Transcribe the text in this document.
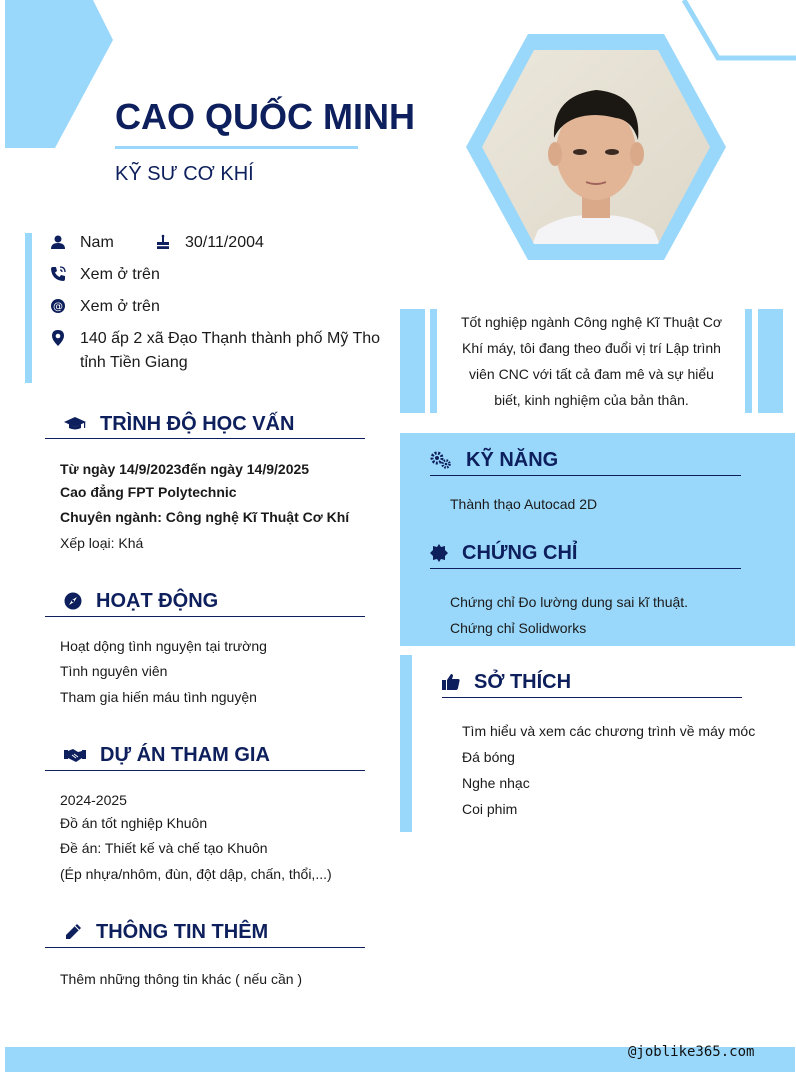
CAO QUỐC MINH
KỸ SƯ CƠ KHÍ
Nam	30/11/2004
Xem ở trên
@ Xem ở trên
140 ấp 2 xã Đạo Thạnh thành phố Mỹ Tho
tỉnh Tiền Giang
Tốt nghiệp ngành Công nghệ Kĩ Thuật Cơ
Khí máy, tôi đang theo đuổi vị trí Lập trình
viên CNC với tất cả đam mê và sự hiểu
biết, kinh nghiệm của bản thân.
TRÌNH ĐỘ HỌC VẤN
Từ ngày 14/9/2023đến ngày 14/9/2025
Cao đẳng FPT Polytechnic
Chuyên ngành: Công nghệ Kĩ Thuật Cơ Khí
Xếp loại: Khá
HOẠT ĐỘNG
Hoạt dộng tình nguyện tại trường
Tình nguyên viên
Tham gia hiến máu tình nguyện
DỰ ÁN THAM GIA
2024-2025
Đồ án tốt nghiệp Khuôn
Đề án: Thiết kế và chế tạo Khuôn
(Ép nhựa/nhôm, đùn, đột dập, chấn, thổi,...)
THÔNG TIN THÊM
Thêm những thông tin khác ( nếu cần )
KỸ NĂNG
Thành thạo Autocad 2D
CHỨNG CHỈ
Chứng chỉ Đo lường dung sai kĩ thuật.
Chứng chỉ Solidworks
SỞ THÍCH
Tìm hiểu và xem các chương trình về máy móc
Đá bóng
Nghe nhạc
Coi phim
@joblike365.com
